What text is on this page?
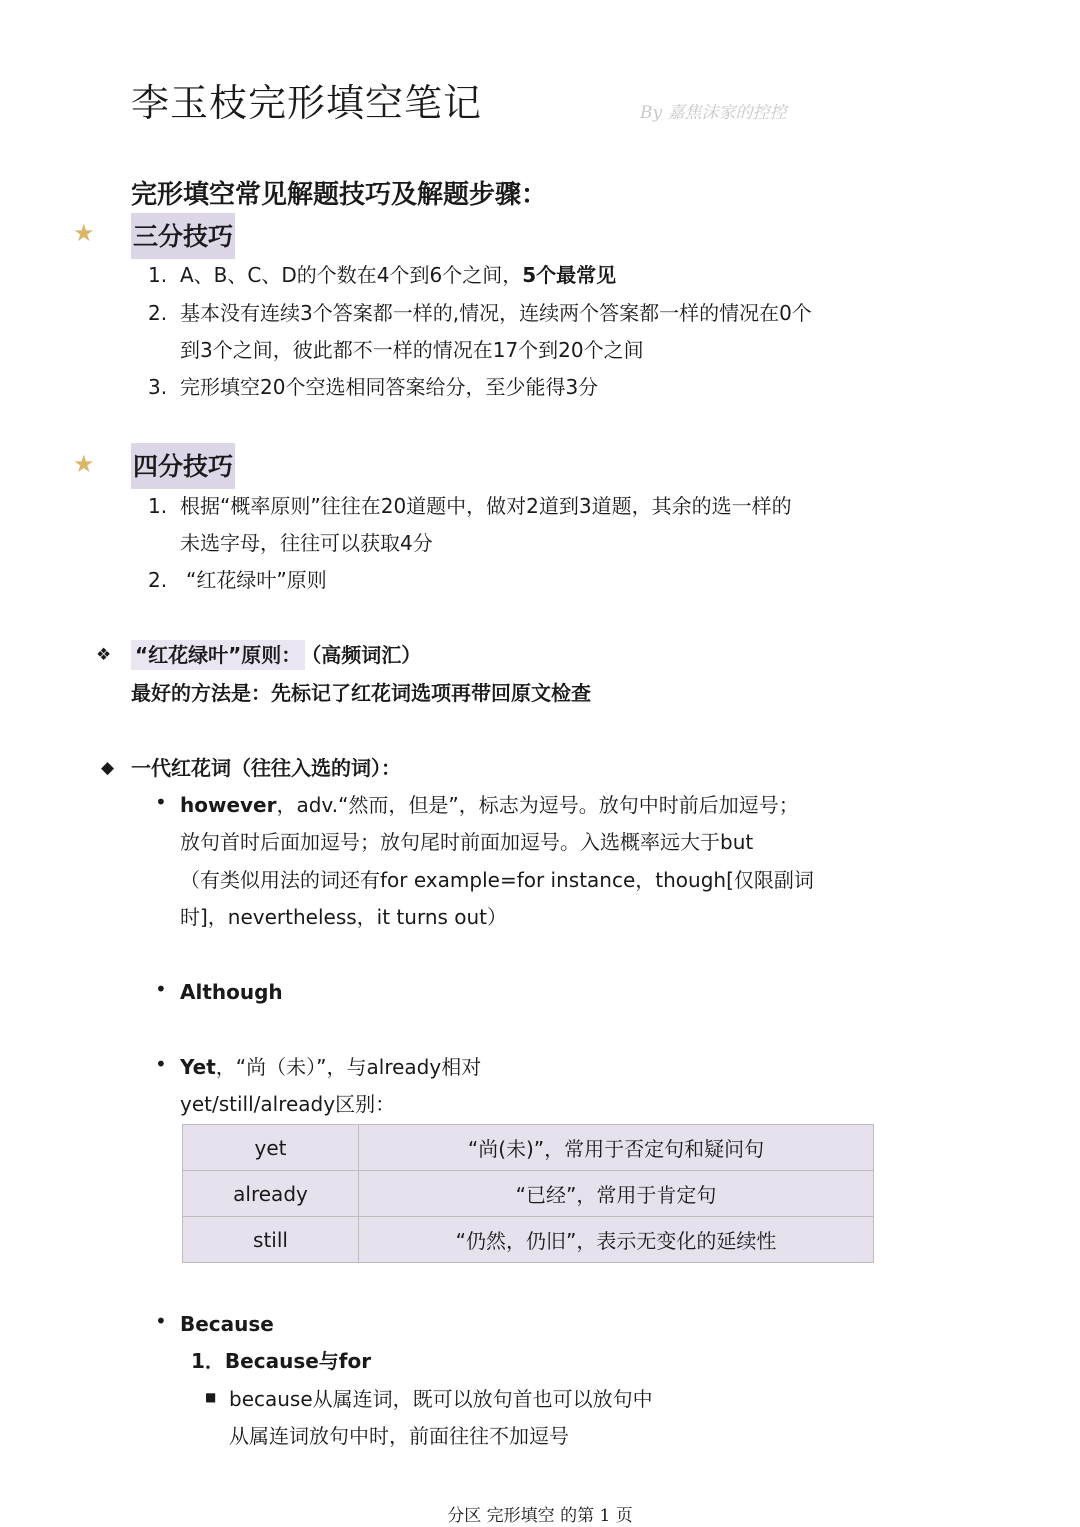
李玉枝完形填空笔记	By 嘉焦沫家的控控
完形填空常见解题技巧及解题步骤：
★ 三分技巧
1. A、B、C、D的个数在4个到6个之间，5个最常见
2. 基本没有连续3个答案都一样的,情况，连续两个答案都一样的情况在0个
到3个之间，彼此都不一样的情况在17个到20个之间
3. 完形填空20个空选相同答案给分，至少能得3分
★ 四分技巧
1. 根据“概率原则”往往在20道题中，做对2道到3道题，其余的选一样的
未选字母，往往可以获取4分
2. “红花绿叶”原则
❖ “红花绿叶”原则： （高频词汇）
最好的方法是：先标记了红花词选项再带回原文检查
◆ 一代红花词（往往入选的词）：
• however，adv.“然而，但是”，标志为逗号。放句中时前后加逗号；
放句首时后面加逗号；放句尾时前面加逗号。入选概率远大于but
（有类似用法的词还有for example=for instance，though[仅限副词
时]，nevertheless，it turns out）
• Although
• Yet，“尚（未）”，与already相对
yet/still/already区别：
yet	“尚(未)”，常用于否定句和疑问句
already	“已经”，常用于肯定句
still	“仍然，仍旧”，表示无变化的延续性
• Because
1．Because与for
■ because从属连词，既可以放句首也可以放句中
从属连词放句中时，前面往往不加逗号
分区 完形填空 的第 1 页
